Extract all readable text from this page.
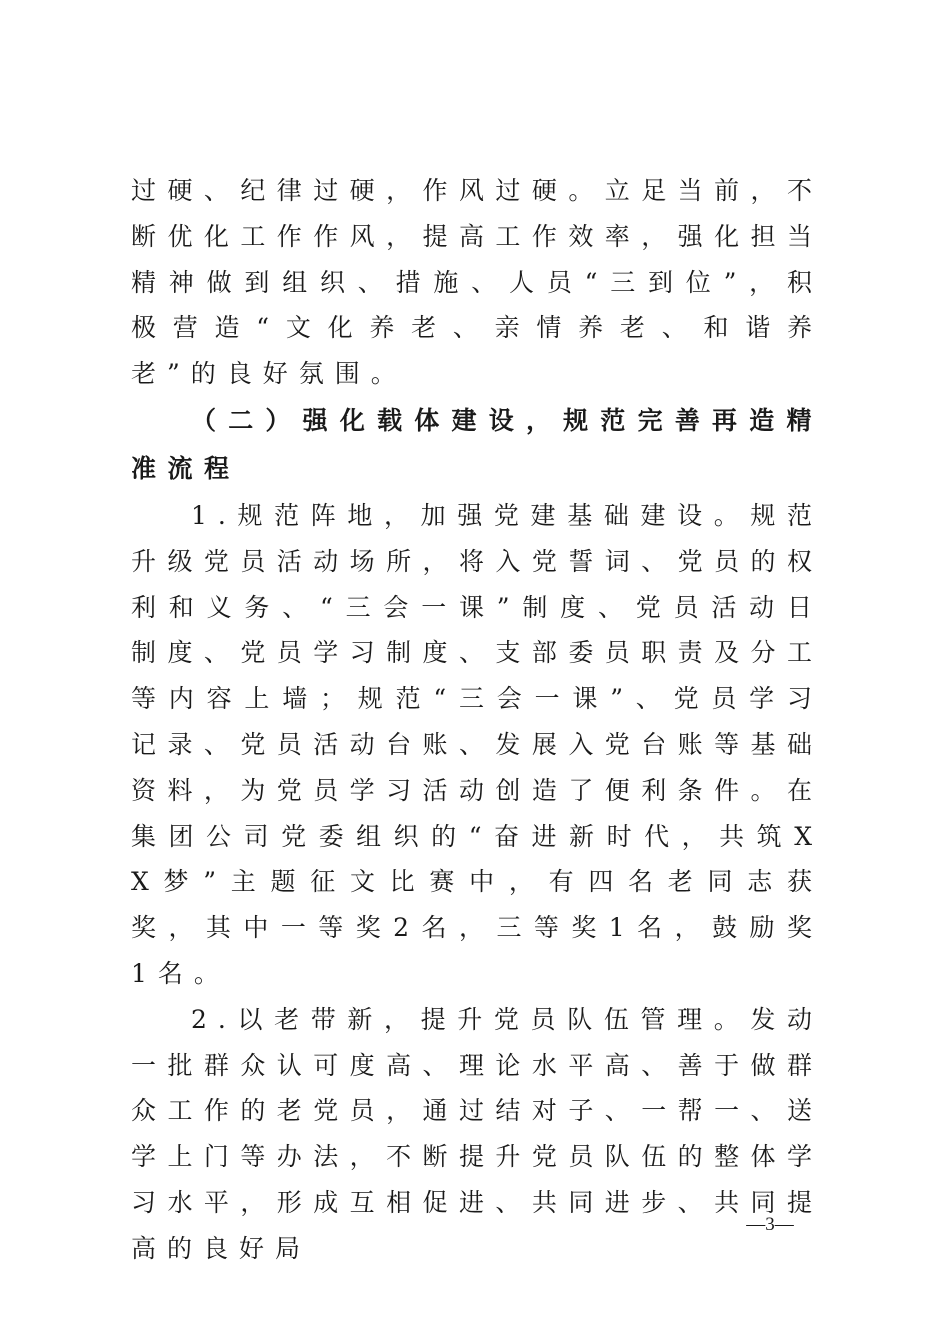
过硬、纪律过硬，作风过硬。立足当前，不断优化工作作风，提高工作效率，强化担当精神做到组织、措施、人员“三到位”，积极营造“文化养老、亲情养老、和谐养老”的良好氛围。

（二）强化载体建设，规范完善再造精准流程

1.规范阵地，加强党建基础建设。规范升级党员活动场所，将入党誓词、党员的权利和义务、“三会一课”制度、党员活动日制度、党员学习制度、支部委员职责及分工等内容上墙；规范“三会一课”、党员学习记录、党员活动台账、发展入党台账等基础资料，为党员学习活动创造了便利条件。在集团公司党委组织的“奋进新时代，共筑XX梦”主题征文比赛中，有四名老同志获奖，其中一等奖2名，三等奖1名，鼓励奖1名。

2.以老带新，提升党员队伍管理。发动一批群众认可度高、理论水平高、善于做群众工作的老党员，通过结对子、一帮一、送学上门等办法，不断提升党员队伍的整体学习水平，形成互相促进、共同进步、共同提高的良好局

—3—
